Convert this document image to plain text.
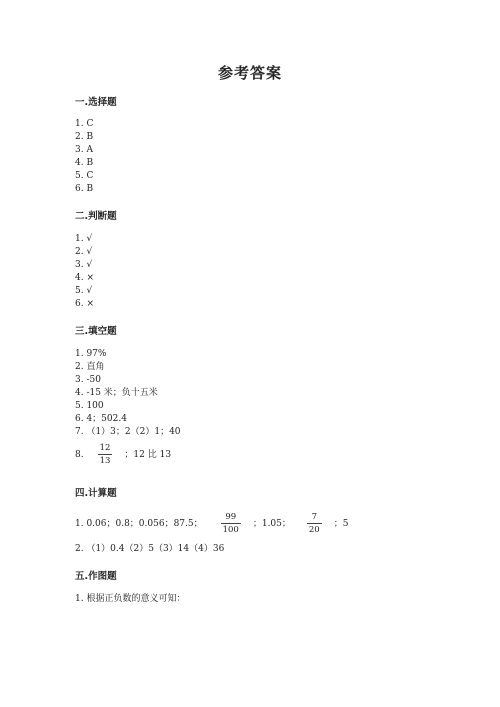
参考答案
一.选择题
1. C
2. B
3. A
4. B
5. C
6. B
二.判断题
1. √
2. √
3. √
4. ×
5. √
6. ×
三.填空题
1. 97%
2. 直角
3. -50
4. -15 米；负十五米
5. 100
6. 4；502.4
7. （1）3；2（2）1；40
8. $\frac{12}{13}$ ；12 比 13
四.计算题
1. 0.06；0.8；0.056；87.5； $\frac{99}{100}$ ；1.05； $\frac{7}{20}$ ；5
2. （1）0.4（2）5（3）14（4）36
五.作图题
1. 根据正负数的意义可知：
